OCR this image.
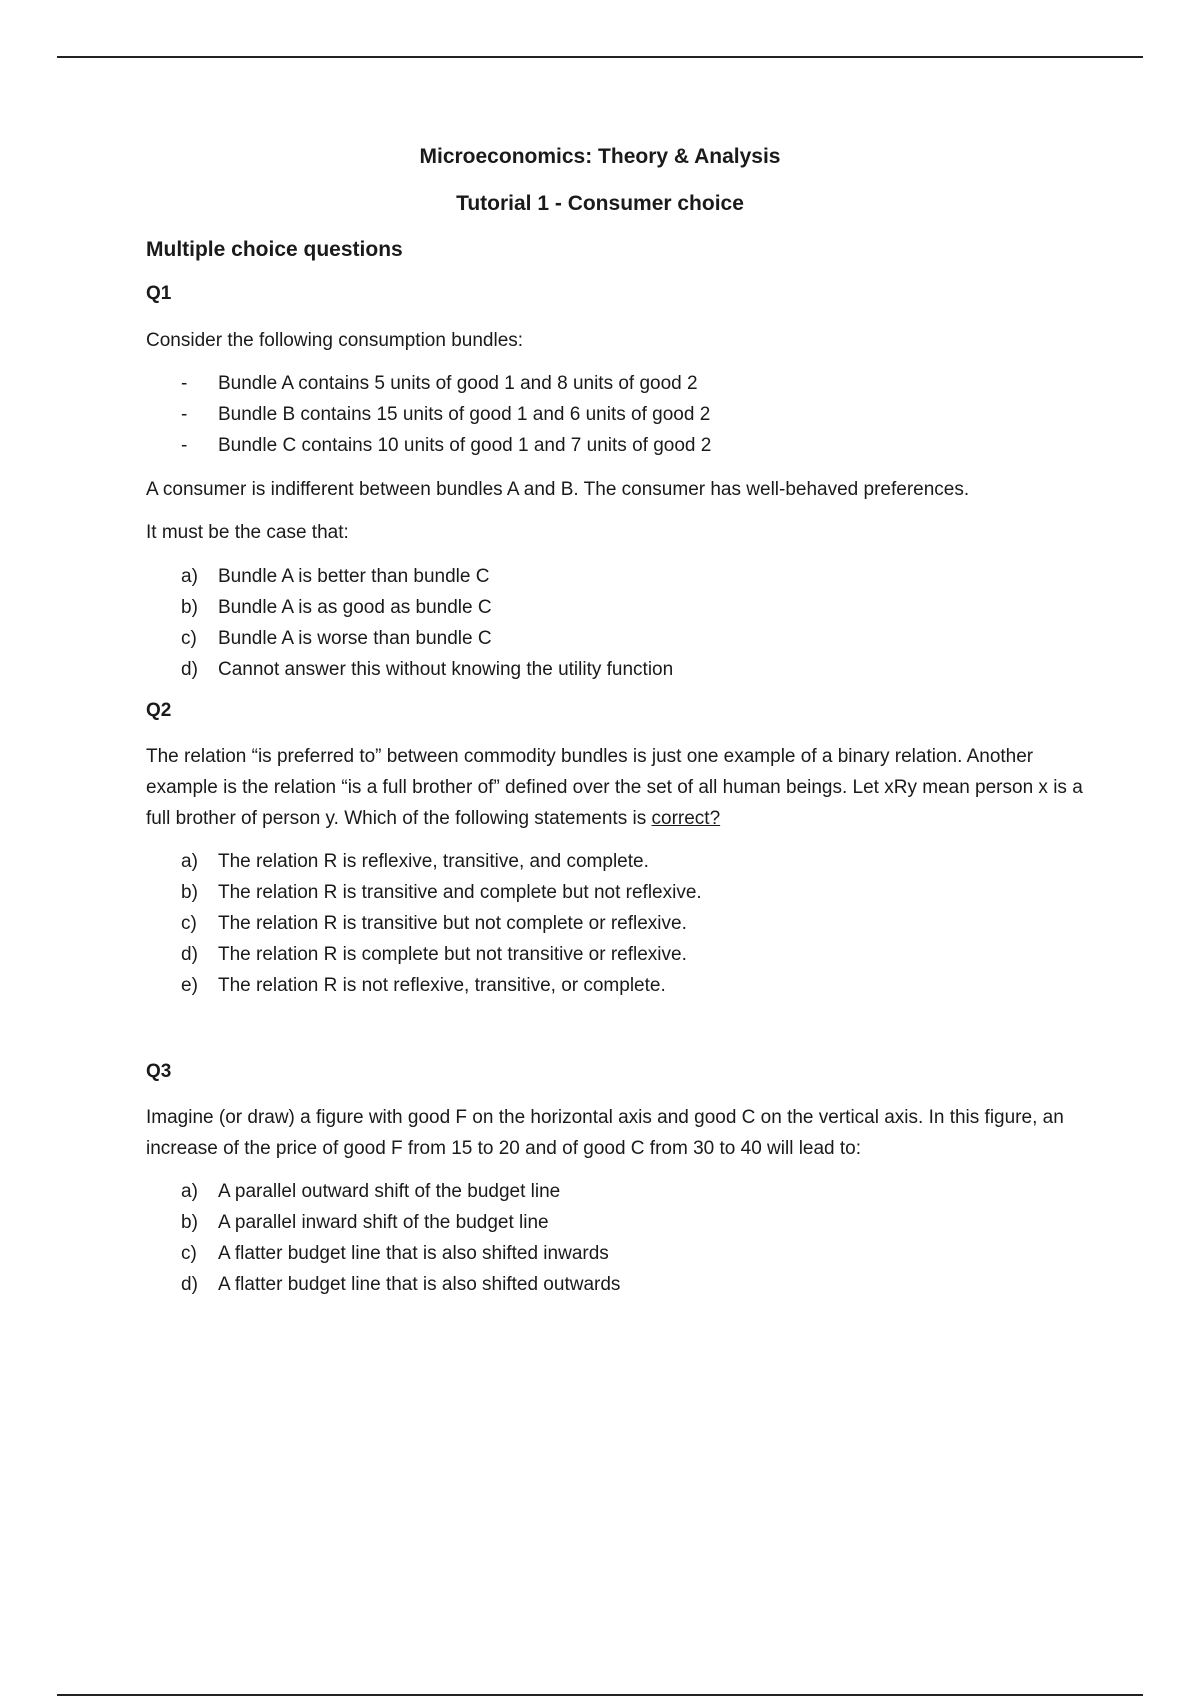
Microeconomics: Theory & Analysis
Tutorial 1 - Consumer choice
Multiple choice questions
Q1
Consider the following consumption bundles:
- Bundle A contains 5 units of good 1 and 8 units of good 2
- Bundle B contains 15 units of good 1 and 6 units of good 2
- Bundle C contains 10 units of good 1 and 7 units of good 2
A consumer is indifferent between bundles A and B. The consumer has well-behaved preferences.
It must be the case that:
a) Bundle A is better than bundle C
b) Bundle A is as good as bundle C
c) Bundle A is worse than bundle C
d) Cannot answer this without knowing the utility function
Q2
The relation “is preferred to” between commodity bundles is just one example of a binary relation. Another example is the relation “is a full brother of” defined over the set of all human beings. Let xRy mean person x is a full brother of person y. Which of the following statements is correct?
a) The relation R is reflexive, transitive, and complete.
b) The relation R is transitive and complete but not reflexive.
c) The relation R is transitive but not complete or reflexive.
d) The relation R is complete but not transitive or reflexive.
e) The relation R is not reflexive, transitive, or complete.
Q3
Imagine (or draw) a figure with good F on the horizontal axis and good C on the vertical axis. In this figure, an increase of the price of good F from 15 to 20 and of good C from 30 to 40 will lead to:
a) A parallel outward shift of the budget line
b) A parallel inward shift of the budget line
c) A flatter budget line that is also shifted inwards
d) A flatter budget line that is also shifted outwards
